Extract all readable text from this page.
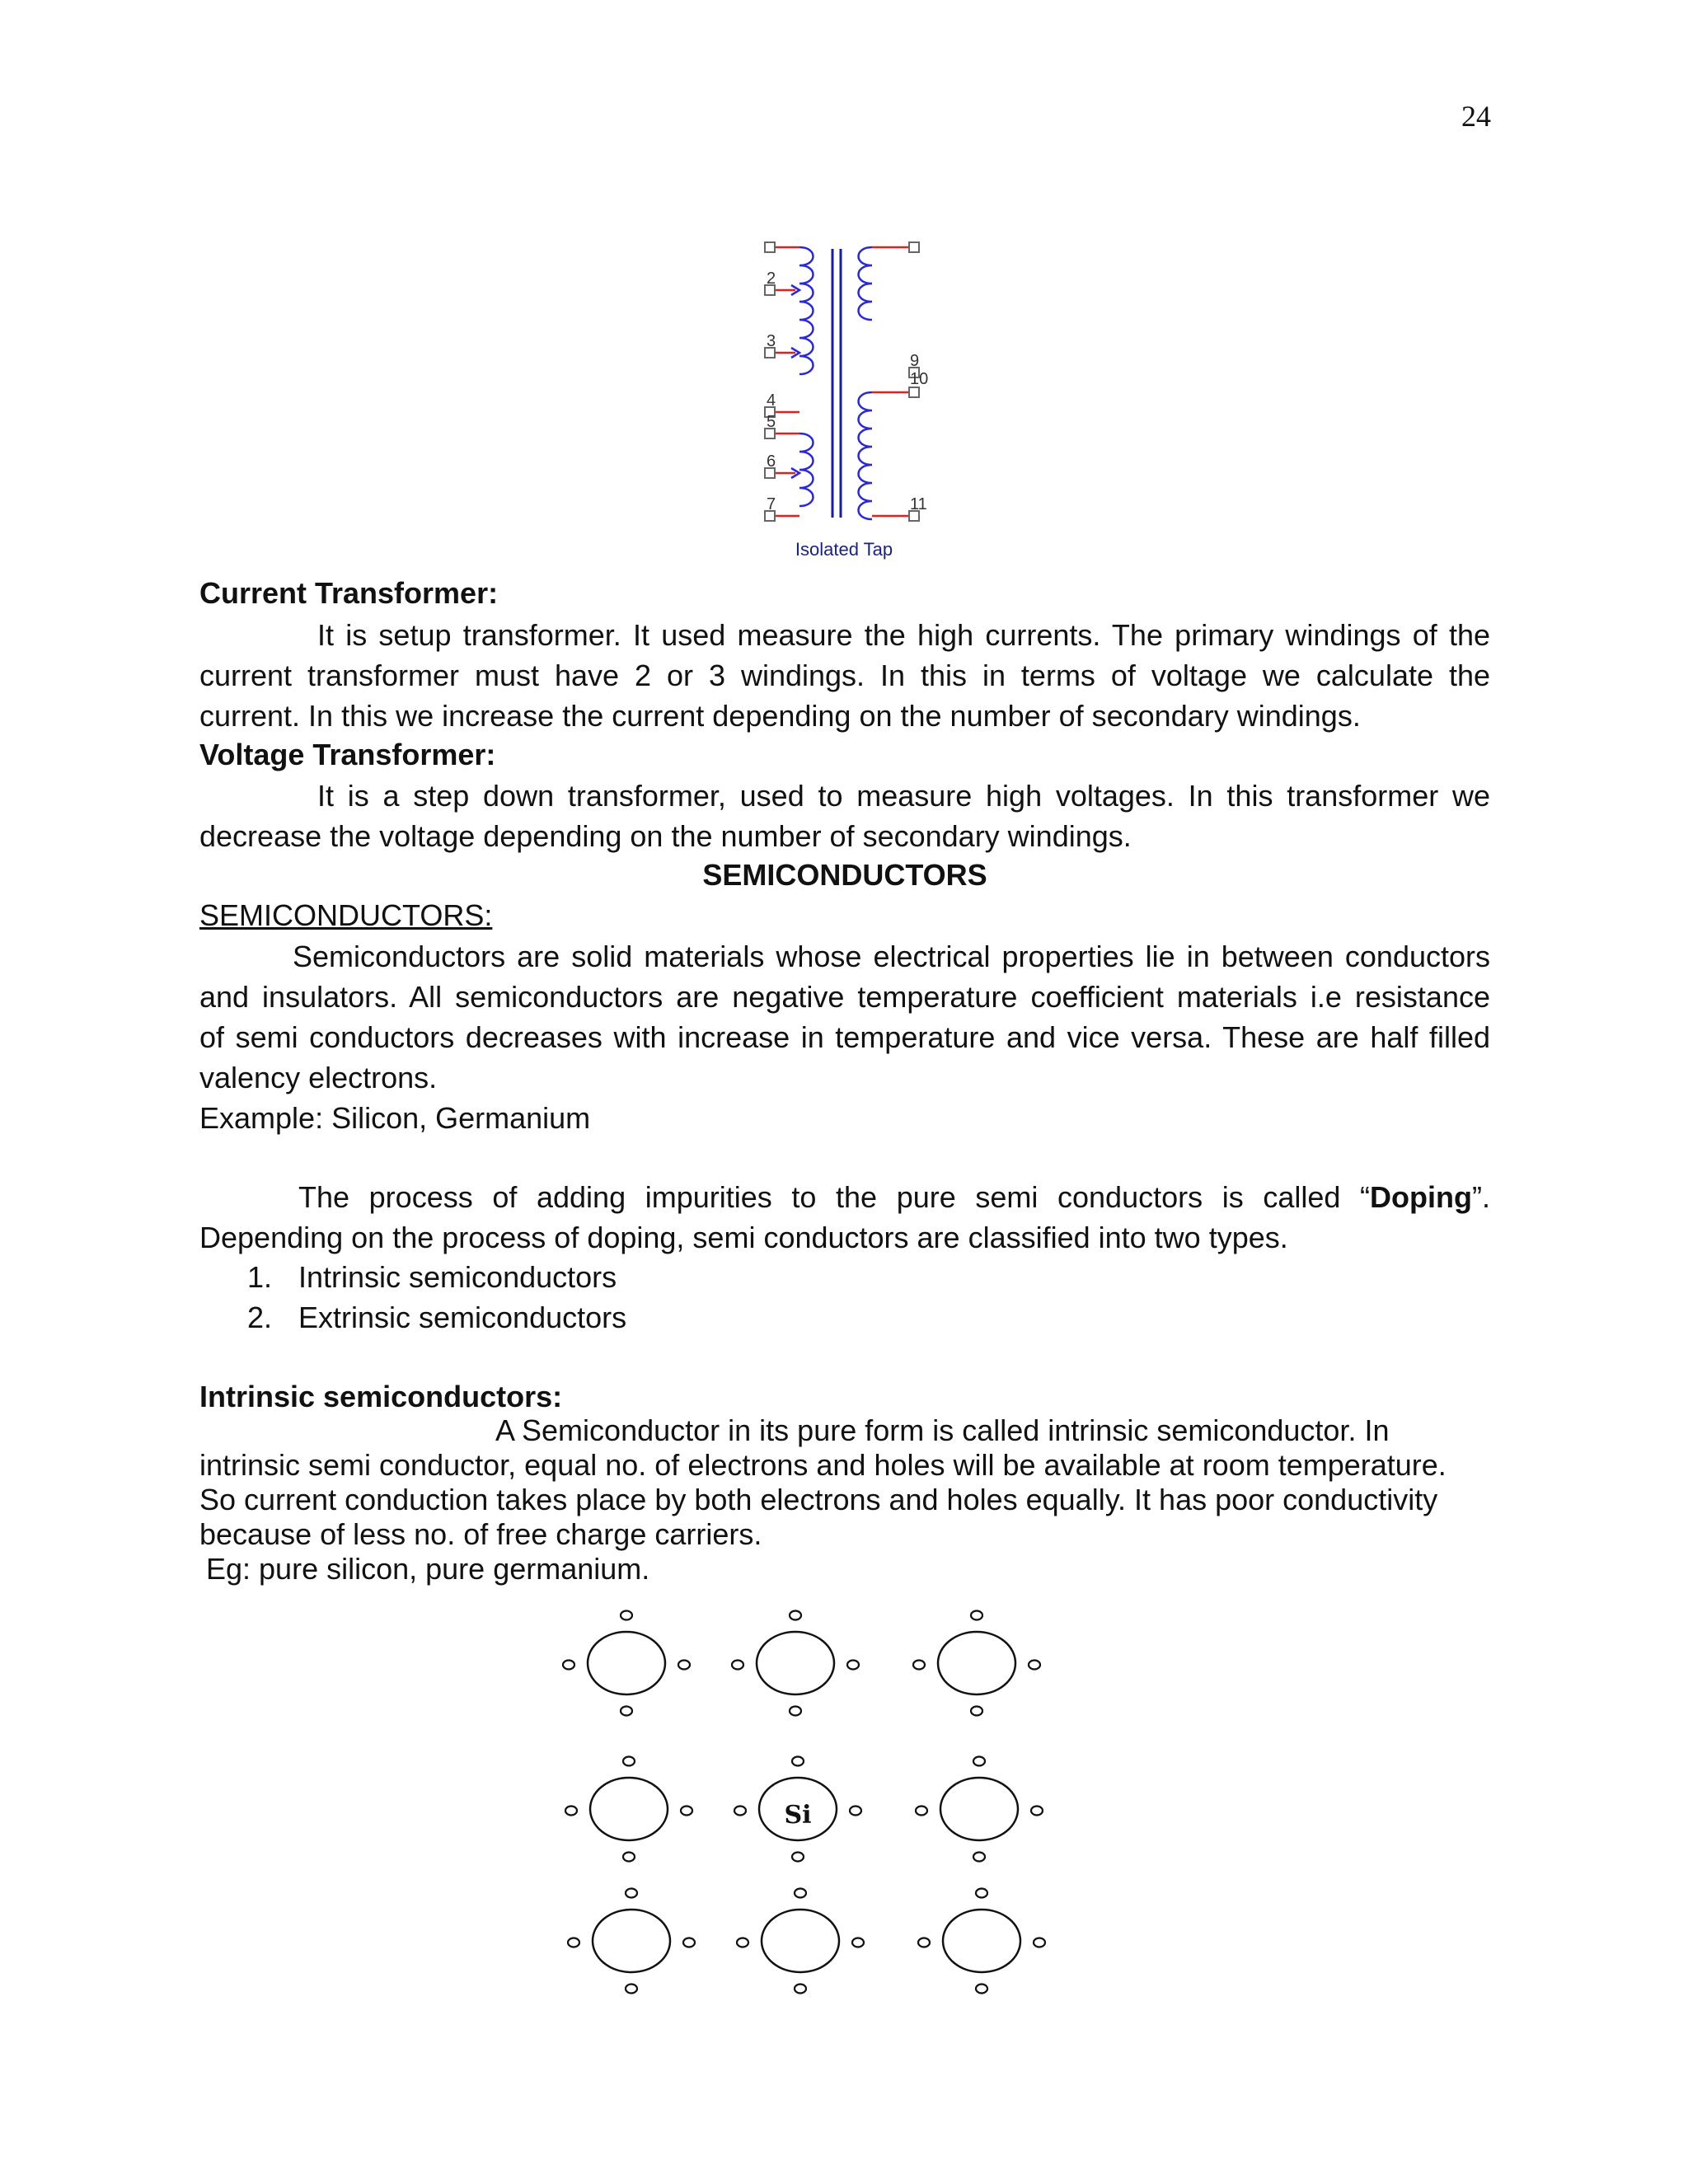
24
2
3
4
5
6
7
9
10
11
Isolated Tap
Current Transformer:
It is setup transformer. It used measure the high currents. The primary windings of the
current transformer must have 2 or 3 windings. In this in terms of voltage we calculate the
current. In this we increase the current depending on the number of secondary windings.
Voltage Transformer:
It is a step down transformer, used to measure high voltages. In this transformer we
decrease the voltage depending on the number of secondary windings.
SEMICONDUCTORS
SEMICONDUCTORS:
Semiconductors are solid materials whose electrical properties lie in between conductors
and insulators. All semiconductors are negative temperature coefficient materials i.e resistance
of semi conductors decreases with increase in temperature and vice versa. These are half filled
valency electrons.
Example: Silicon, Germanium
The process of adding impurities to the pure semi conductors is called “Doping”.
Depending on the process of doping, semi conductors are classified into two types.
1. Intrinsic semiconductors
2. Extrinsic semiconductors
Intrinsic semiconductors:
A Semiconductor in its pure form is called intrinsic semiconductor. In
intrinsic semi conductor, equal no. of electrons and holes will be available at room temperature.
So current conduction takes place by both electrons and holes equally. It has poor conductivity
because of less no. of free charge carriers.
Eg: pure silicon, pure germanium.
Si
